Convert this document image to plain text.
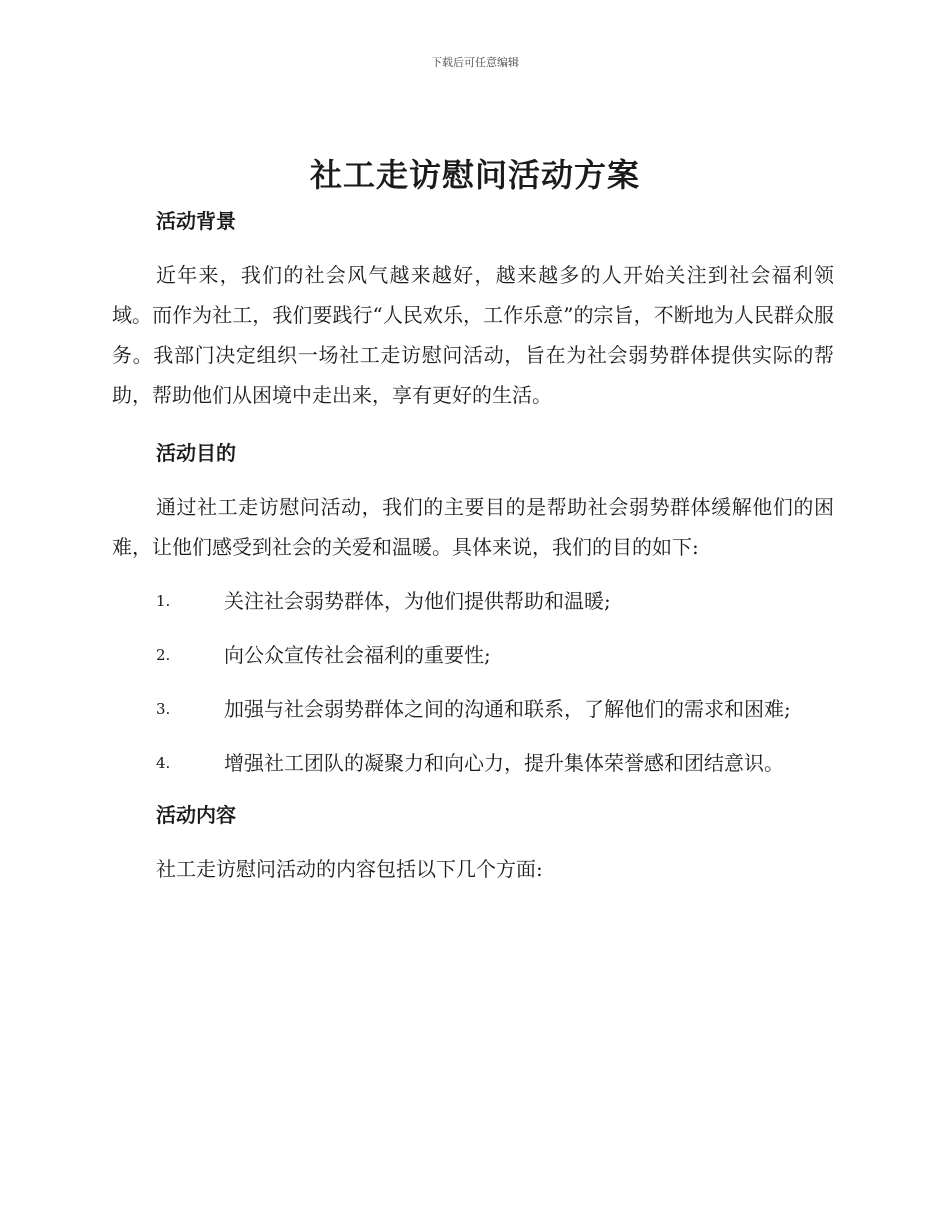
下载后可任意编辑
社工走访慰问活动方案
活动背景

近年来，我们的社会风气越来越好，越来越多的人开始关注到社会福利领域。而作为社工，我们要践行“人民欢乐，工作乐意”的宗旨，不断地为人民群众服务。我部门决定组织一场社工走访慰问活动，旨在为社会弱势群体提供实际的帮助，帮助他们从困境中走出来，享有更好的生活。

活动目的

通过社工走访慰问活动，我们的主要目的是帮助社会弱势群体缓解他们的困难，让他们感受到社会的关爱和温暖。具体来说，我们的目的如下:

1.	关注社会弱势群体，为他们提供帮助和温暖;
2.	向公众宣传社会福利的重要性;
3.	加强与社会弱势群体之间的沟通和联系，了解他们的需求和困难;
4.	增强社工团队的凝聚力和向心力，提升集体荣誉感和团结意识。
活动内容

社工走访慰问活动的内容包括以下几个方面:
